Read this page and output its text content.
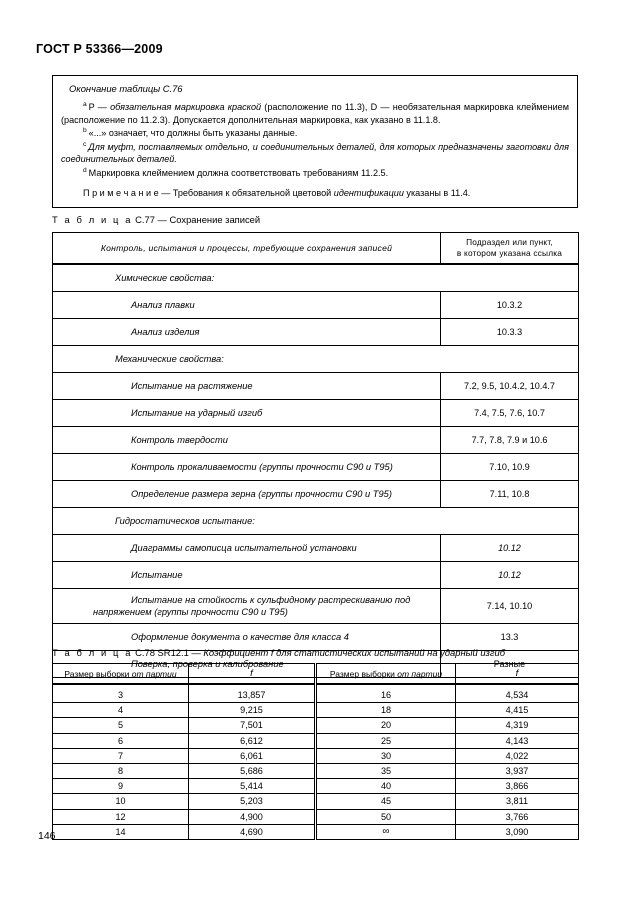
ГОСТ Р 53366—2009
Окончание таблицы С.76

$^a$ P — обязательная маркировка краской (расположение по 11.3), D — необязательная маркировка клеймением (расположение по 11.2.3). Допускается дополнительная маркировка, как указано в 11.1.8.

$^b$ «...» означает, что должны быть указаны данные.

$^c$ Для муфт, поставляемых отдельно, и соединительных деталей, для которых предназначены заготовки для соединительных деталей.

$^d$ Маркировка клеймением должна соответствовать требованиям 11.2.5.

П р и м е ч а н и е — Требования к обязательной цветовой идентификации указаны в 11.4.
Т а б л и ц а С.77 — Сохранение записей
Контроль, испытания и процессы, требующие сохранения записей	Подраздел или пункт,
в котором указана ссылка
Химические свойства:	
Анализ плавки	10.3.2
Анализ изделия	10.3.3
Механические свойства:	
Испытание на растяжение	7.2, 9.5, 10.4.2, 10.4.7
Испытание на ударный изгиб	7.4, 7.5, 7.6, 10.7
Контроль твердости	7.7, 7.8, 7.9 и 10.6
Контроль прокаливаемости (группы прочности С90 и Т95)	7.10, 10.9
Определение размера зерна (группы прочности С90 и Т95)	7.11, 10.8
Гидростатическов испытание:	
Диаграммы самописца испытательной установки	10.12
Испытание	10.12
Испытание на стойкость к сульфидному растрескиванию под напряжением (группы прочности С90 и Т95)	7.14, 10.10
Оформление документа о качестве для класса 4	13.3
Поверка, проверка и калибрование	Разные
Т а б л и ц а С.78 SR12.1 — Коэффициент f для статистических испытаний на ударный изгиб
Размер выборки от партии	f	Размер выборки от партии	f
3	13,857	16	4,534
4	9,215	18	4,415
5	7,501	20	4,319
6	6,612	25	4,143
7	6,061	30	4,022
8	5,686	35	3,937
9	5,414	40	3,866
10	5,203	45	3,811
12	4,900	50	3,766
14	4,690	∞	3,090
146
